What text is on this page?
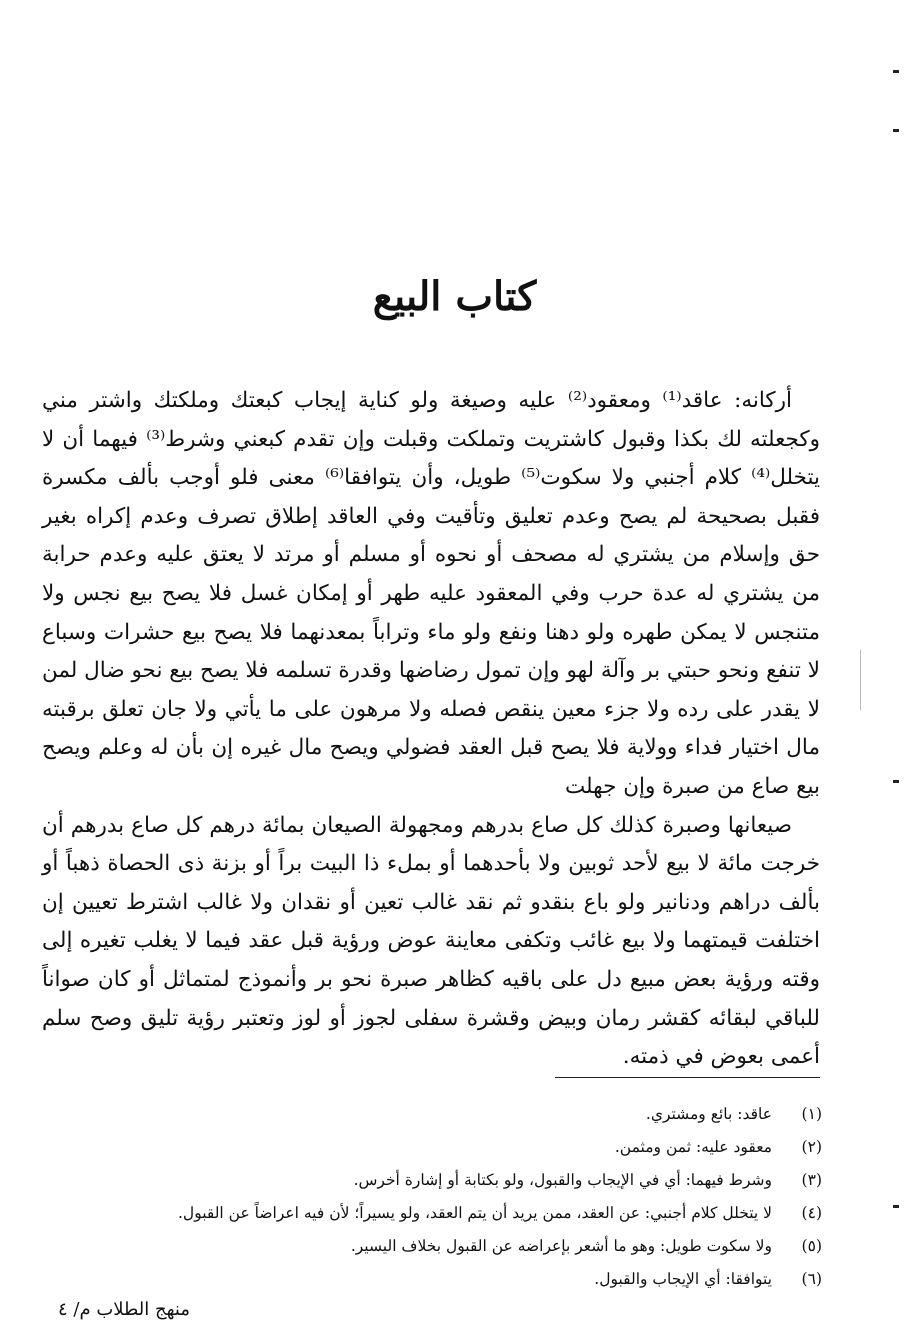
كتاب البيع

أركانه: عاقد⁽¹⁾ ومعقود⁽²⁾ عليه وصيغة ولو كناية إيجاب كبعتك وملكتك واشتر مني وكجعلته لك بكذا وقبول كاشتريت وتملكت وقبلت وإن تقدم كبعني وشرط⁽³⁾ فيهما أن لا يتخلل⁽⁴⁾ كلام أجنبي ولا سكوت⁽⁵⁾ طويل، وأن يتوافقا⁽⁶⁾ معنى فلو أوجب بألف مكسرة فقبل بصحيحة لم يصح وعدم تعليق وتأقيت وفي العاقد إطلاق تصرف وعدم إكراه بغير حق وإسلام من يشتري له مصحف أو نحوه أو مسلم أو مرتد لا يعتق عليه وعدم حرابة من يشتري له عدة حرب وفي المعقود عليه طهر أو إمكان غسل فلا يصح بيع نجس ولا متنجس لا يمكن طهره ولو دهنا ونفع ولو ماء وتراباً بمعدنهما فلا يصح بيع حشرات وسباع لا تنفع ونحو حبتي بر وآلة لهو وإن تمول رضاضها وقدرة تسلمه فلا يصح بيع نحو ضال لمن لا يقدر على رده ولا جزء معين ينقص فصله ولا مرهون على ما يأتي ولا جان تعلق برقبته مال اختيار فداء وولاية فلا يصح قبل العقد فضولي ويصح مال غيره إن بأن له وعلم ويصح بيع صاع من صبرة وإن جهلت

صيعانها وصبرة كذلك كل صاع بدرهم ومجهولة الصيعان بمائة درهم كل صاع بدرهم أن خرجت مائة لا بيع لأحد ثوبين ولا بأحدهما أو بملء ذا البيت براً أو بزنة ذى الحصاة ذهباً أو بألف دراهم ودنانير ولو باع بنقدو ثم نقد غالب تعين أو نقدان ولا غالب اشترط تعيين إن اختلفت قيمتهما ولا بيع غائب وتكفى معاينة عوض ورؤية قبل عقد فيما لا يغلب تغيره إلى وقته ورؤية بعض مبيع دل على باقيه كظاهر صبرة نحو بر وأنموذج لمتماثل أو كان صواناً للباقي لبقائه كقشر رمان وبيض وقشرة سفلى لجوز أو لوز وتعتبر رؤية تليق وصح سلم أعمى بعوض في ذمته.

(١)
عاقد: بائع ومشتري.
(٢)
معقود عليه: ثمن ومثمن.
(٣)
وشرط فيهما: أي في الإيجاب والقبول، ولو بكتابة أو إشارة أخرس.
(٤)
لا يتخلل كلام أجنبي: عن العقد، ممن يريد أن يتم العقد، ولو يسيراً؛ لأن فيه اعراضاً عن القبول.
(٥)
ولا سكوت طويل: وهو ما أشعر بإعراضه عن القبول بخلاف اليسير.
(٦)
يتوافقا: أي الإيجاب والقبول.
منهج الطلاب م/ ٤
